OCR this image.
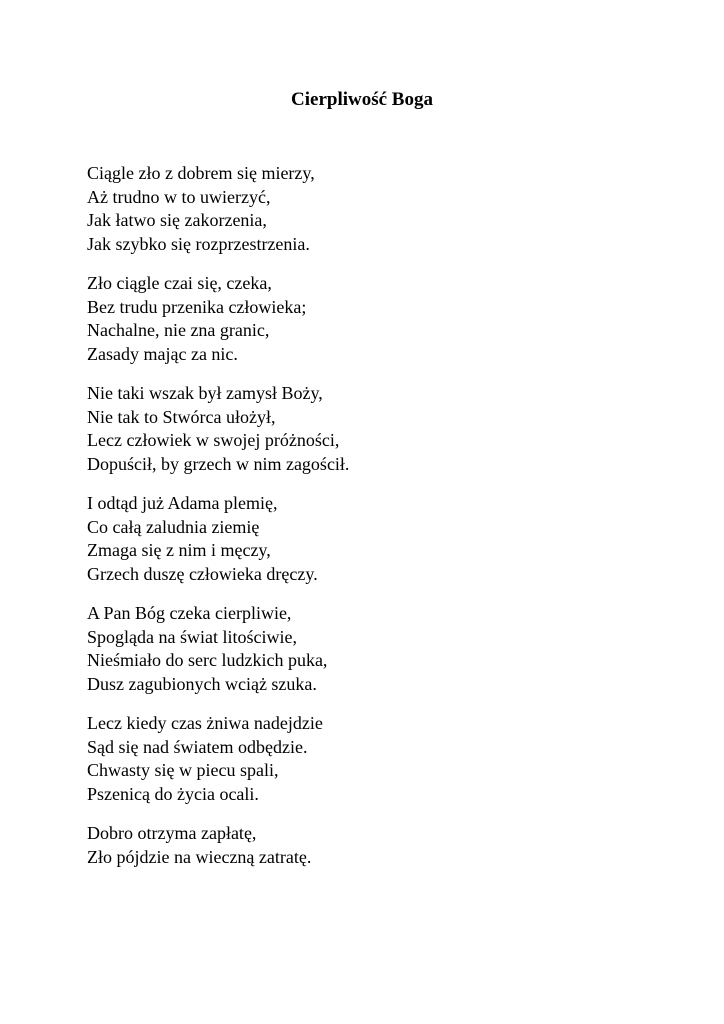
Cierpliwość Boga
Ciągle zło z dobrem się mierzy,
Aż trudno w to uwierzyć,
Jak łatwo się zakorzenia,
Jak szybko się rozprzestrzenia.
Zło ciągle czai się, czeka,
Bez trudu przenika człowieka;
Nachalne, nie zna granic,
Zasady mając za nic.
Nie taki wszak był zamysł Boży,
Nie tak to Stwórca ułożył,
Lecz człowiek w swojej próżności,
Dopuścił, by grzech w nim zagościł.
I odtąd już Adama plemię,
Co całą zaludnia ziemię
Zmaga się z nim i męczy,
Grzech duszę człowieka dręczy.
A Pan Bóg czeka cierpliwie,
Spogląda na świat litościwie,
Nieśmiało do serc ludzkich puka,
Dusz zagubionych wciąż szuka.
Lecz kiedy czas żniwa nadejdzie
Sąd się nad światem odbędzie.
Chwasty się w piecu spali,
Pszenicą do życia ocali.
Dobro otrzyma zapłatę,
Zło pójdzie na wieczną zatratę.
